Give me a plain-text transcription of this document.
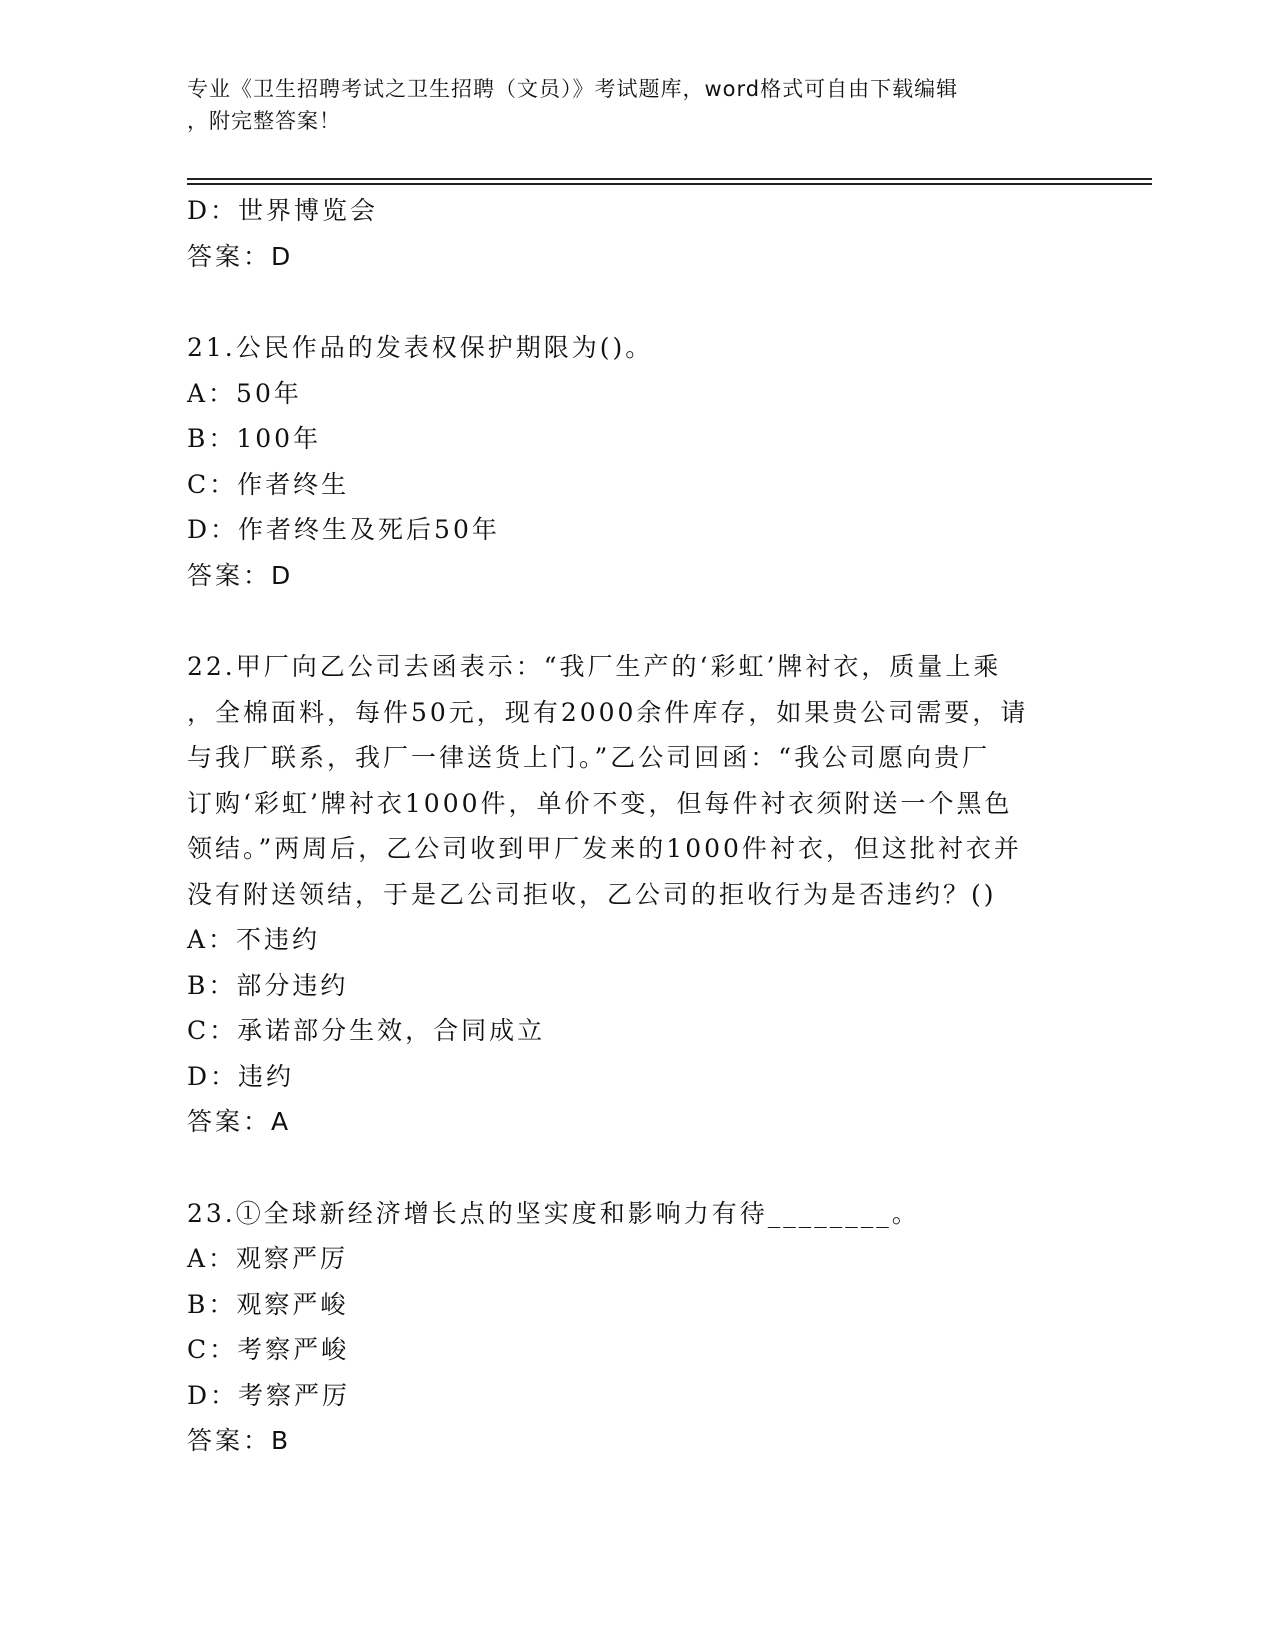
专业《卫生招聘考试之卫生招聘（文员）》考试题库，word格式可自由下载编辑
，附完整答案！
D：世界博览会
答案：D
21.公民作品的发表权保护期限为()。
A：50年
B：100年
C：作者终生
D：作者终生及死后50年
答案：D
22.甲厂向乙公司去函表示：“我厂生产的‘彩虹’牌衬衣，质量上乘
，全棉面料，每件50元，现有2000余件库存，如果贵公司需要，请
与我厂联系，我厂一律送货上门。”乙公司回函：“我公司愿向贵厂
订购‘彩虹’牌衬衣1000件，单价不变，但每件衬衣须附送一个黑色
领结。”两周后，乙公司收到甲厂发来的1000件衬衣，但这批衬衣并
没有附送领结，于是乙公司拒收，乙公司的拒收行为是否违约？()
A：不违约
B：部分违约
C：承诺部分生效，合同成立
D：违约
答案：A
23.①全球新经济增长点的坚实度和影响力有待________。
A：观察严厉
B：观察严峻
C：考察严峻
D：考察严厉
答案：B
